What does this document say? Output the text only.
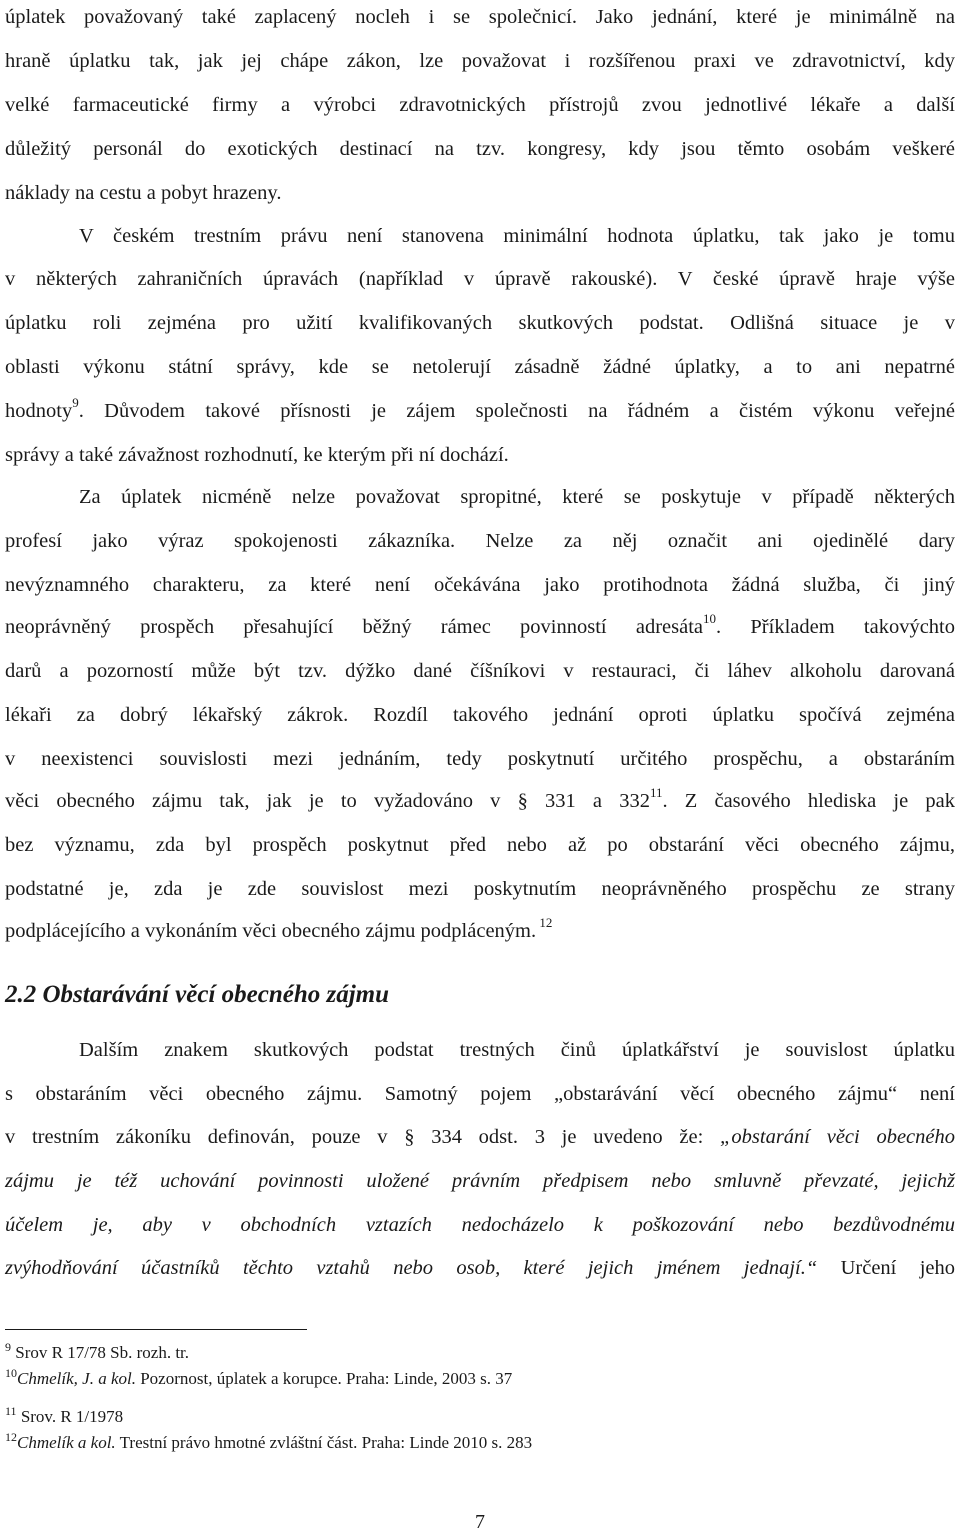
úplatek považovaný také zaplacený nocleh i se společnicí. Jako jednání, které je minimálně na
hraně úplatku tak, jak jej chápe zákon, lze považovat i rozšířenou praxi ve zdravotnictví, kdy
velké farmaceutické firmy a výrobci zdravotnických přístrojů zvou jednotlivé lékaře a další
důležitý personál do exotických destinací na tzv. kongresy, kdy jsou těmto osobám veškeré
náklady na cestu a pobyt hrazeny.
V českém trestním právu není stanovena minimální hodnota úplatku, tak jako je tomu
v některých zahraničních úpravách (například v úpravě rakouské). V české úpravě hraje výše
úplatku roli zejména pro užití kvalifikovaných skutkových podstat. Odlišná situace je v
oblasti výkonu státní správy, kde se netolerují zásadně žádné úplatky, a to ani nepatrné
hodnoty$^9$. Důvodem takové přísnosti je zájem společnosti na řádném a čistém výkonu veřejné
správy a také závažnost rozhodnutí, ke kterým při ní dochází.
Za úplatek nicméně nelze považovat spropitné, které se poskytuje v případě některých
profesí jako výraz spokojenosti zákazníka. Nelze za něj označit ani ojedinělé dary
nevýznamného charakteru, za které není očekávána jako protihodnota žádná služba, či jiný
neoprávněný prospěch přesahující běžný rámec povinností adresáta$^{10}$. Příkladem takovýchto
darů a pozorností může být tzv. dýžko dané číšníkovi v restauraci, či láhev alkoholu darovaná
lékaři za dobrý lékařský zákrok. Rozdíl takového jednání oproti úplatku spočívá zejména
v neexistenci souvislosti mezi jednáním, tedy poskytnutí určitého prospěchu, a obstaráním
věci obecného zájmu tak, jak je to vyžadováno v § 331 a $332^{11}$. Z časového hlediska je pak
bez významu, zda byl prospěch poskytnut před nebo až po obstarání věci obecného zájmu,
podstatné je, zda je zde souvislost mezi poskytnutím neoprávněného prospěchu ze strany
podplácejícího a vykonáním věci obecného zájmu podpláceným. $^{12}$
2.2 Obstarávání věcí obecného zájmu
Dalším znakem skutkových podstat trestných činů úplatkářství je souvislost úplatku
s obstaráním věci obecného zájmu. Samotný pojem „obstarávání věcí obecného zájmu“ není
v trestním zákoníku definován, pouze v § 334 odst. 3 je uvedeno že: „obstarání věci obecného
zájmu je též uchování povinnosti uložené právním předpisem nebo smluvně převzaté, jejichž
účelem je, aby v obchodních vztazích nedocházelo k poškozování nebo bezdůvodnému
zvýhodňování účastníků těchto vztahů nebo osob, které jejich jménem jednají.“ Určení jeho
$^9$ Srov R 17/78 Sb. rozh. tr.
$^{10}$Chmelík, J. a kol. Pozornost, úplatek a korupce. Praha: Linde, 2003 s. 37
$^{11}$ Srov. R 1/1978
$^{12}$Chmelík a kol. Trestní právo hmotné zvláštní část. Praha: Linde 2010 s. 283
7
